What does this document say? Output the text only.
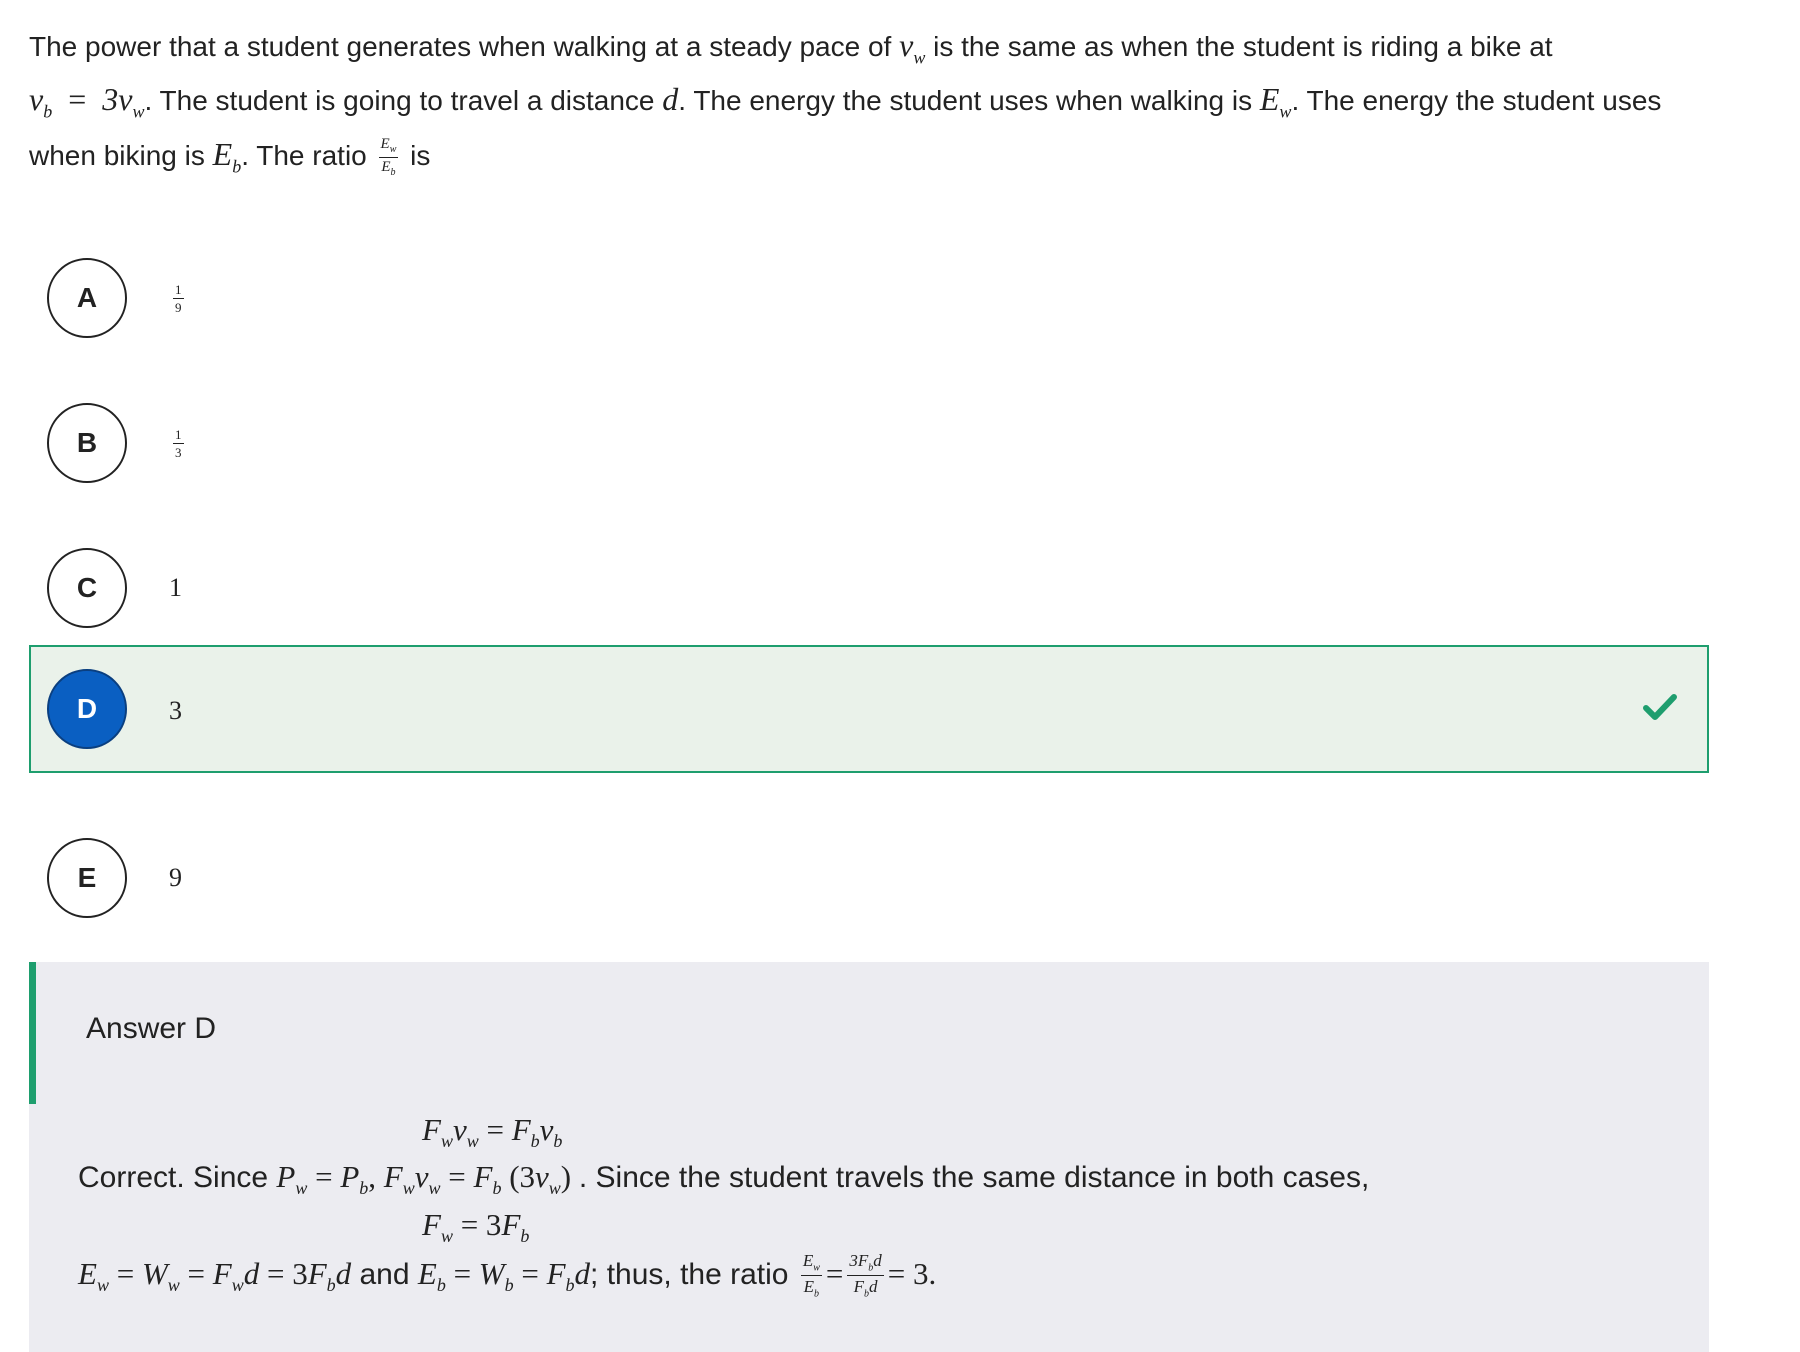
The power that a student generates when walking at a steady pace of $v_w$ is the same as when the student is riding a bike at
$v_b = 3v_w$. The student is going to travel a distance d. The energy the student uses when walking is $E_w$. The energy the student uses
when biking is $E_b$. The ratio $\frac{E_w}{E_b}$ is
A	$\frac{1}{9}$
B	$\frac{1}{3}$
C	1
D	3
E	9
Answer D
$F_wv_w = F_bv_b$
Correct. Since $P_w = P_b$, $F_wv_w = F_b$ $(3v_w)$ . Since the student travels the same distance in both cases,
$F_w = 3F_b$
$E_w = W_w = F_wd = 3F_bd$ and $E_b = W_b = F_bd$; thus, the ratio $\frac{E_w}{E_b} = \frac{3F_bd}{F_bd} = 3$.
